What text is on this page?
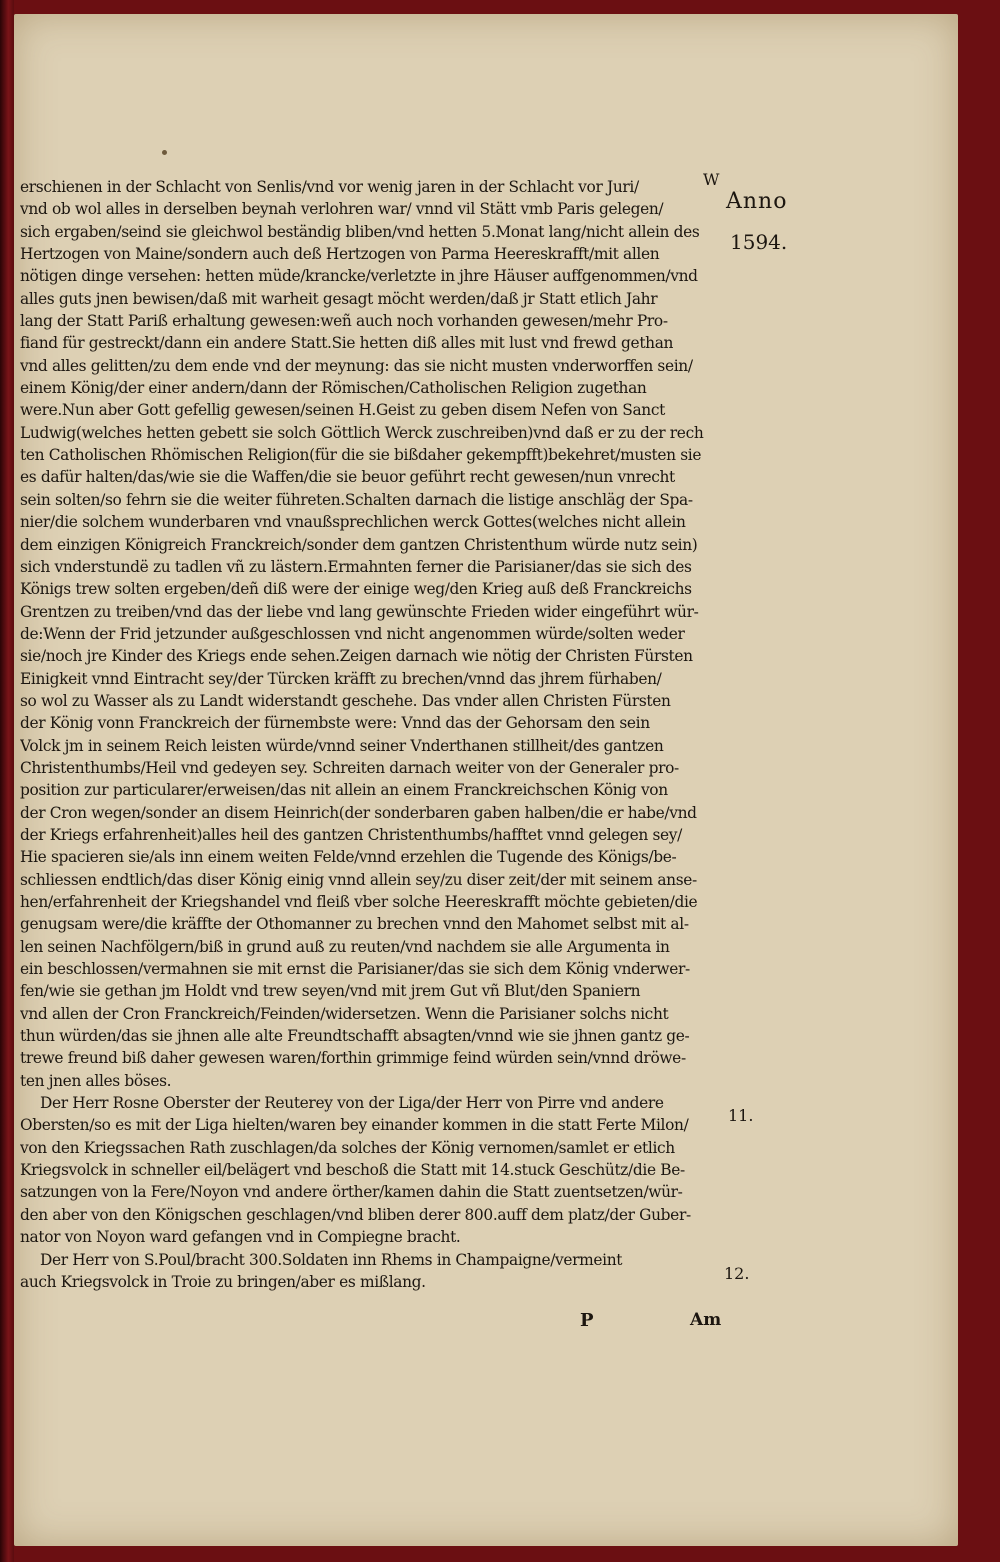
W
Anno
1594.
11.
12.
erschienen in der Schlacht von Senlis/vnd vor wenig jaren in der Schlacht vor Juri/
vnd ob wol alles in derselben beynah verlohren war/ vnnd vil Stätt vmb Paris gelegen/
sich ergaben/seind sie gleichwol beständig bliben/vnd hetten 5.Monat lang/nicht allein des
Hertzogen von Maine/sondern auch deß Hertzogen von Parma Heereskrafft/mit allen
nötigen dinge versehen: hetten müde/krancke/verletzte in jhre Häuser auffgenommen/vnd
alles guts jnen bewisen/daß mit warheit gesagt möcht werden/daß jr Statt etlich Jahr
lang der Statt Pariß erhaltung gewesen:weñ auch noch vorhanden gewesen/mehr Pro-
fiand für gestreckt/dann ein andere Statt.Sie hetten diß alles mit lust vnd frewd gethan
vnd alles gelitten/zu dem ende vnd der meynung: das sie nicht musten vnderworffen sein/
einem König/der einer andern/dann der Römischen/Catholischen Religion zugethan
were.Nun aber Gott gefellig gewesen/seinen H.Geist zu geben disem Nefen von Sanct
Ludwig(welches hetten gebett sie solch Göttlich Werck zuschreiben)vnd daß er zu der rech
ten Catholischen Rhömischen Religion(für die sie bißdaher gekempfft)bekehret/musten sie
es dafür halten/das/wie sie die Waffen/die sie beuor geführt recht gewesen/nun vnrecht
sein solten/so fehrn sie die weiter führeten.Schalten darnach die listige anschläg der Spa-
nier/die solchem wunderbaren vnd vnaußsprechlichen werck Gottes(welches nicht allein
dem einzigen Königreich Franckreich/sonder dem gantzen Christenthum würde nutz sein)
sich vnderstundë zu tadlen vñ zu lästern.Ermahnten ferner die Parisianer/das sie sich des
Königs trew solten ergeben/deñ diß were der einige weg/den Krieg auß deß Franckreichs
Grentzen zu treiben/vnd das der liebe vnd lang gewünschte Frieden wider eingeführt wür-
de:Wenn der Frid jetzunder außgeschlossen vnd nicht angenommen würde/solten weder
sie/noch jre Kinder des Kriegs ende sehen.Zeigen darnach wie nötig der Christen Fürsten
Einigkeit vnnd Eintracht sey/der Türcken kräfft zu brechen/vnnd das jhrem fürhaben/
so wol zu Wasser als zu Landt widerstandt geschehe. Das vnder allen Christen Fürsten
der König vonn Franckreich der fürnembste were: Vnnd das der Gehorsam den sein
Volck jm in seinem Reich leisten würde/vnnd seiner Vnderthanen stillheit/des gantzen
Christenthumbs/Heil vnd gedeyen sey. Schreiten darnach weiter von der Generaler pro-
position zur particularer/erweisen/das nit allein an einem Franckreichschen König von
der Cron wegen/sonder an disem Heinrich(der sonderbaren gaben halben/die er habe/vnd
der Kriegs erfahrenheit)alles heil des gantzen Christenthumbs/hafftet vnnd gelegen sey/
Hie spacieren sie/als inn einem weiten Felde/vnnd erzehlen die Tugende des Königs/be-
schliessen endtlich/das diser König einig vnnd allein sey/zu diser zeit/der mit seinem anse-
hen/erfahrenheit der Kriegshandel vnd fleiß vber solche Heereskrafft möchte gebieten/die
genugsam were/die kräffte der Othomanner zu brechen vnnd den Mahomet selbst mit al-
len seinen Nachfölgern/biß in grund auß zu reuten/vnd nachdem sie alle Argumenta in
ein beschlossen/vermahnen sie mit ernst die Parisianer/das sie sich dem König vnderwer-
fen/wie sie gethan jm Holdt vnd trew seyen/vnd mit jrem Gut vñ Blut/den Spaniern
vnd allen der Cron Franckreich/Feinden/widersetzen. Wenn die Parisianer solchs nicht
thun würden/das sie jhnen alle alte Freundtschafft absagten/vnnd wie sie jhnen gantz ge-
trewe freund biß daher gewesen waren/forthin grimmige feind würden sein/vnnd dröwe-
ten jnen alles böses.
Der Herr Rosne Oberster der Reuterey von der Liga/der Herr von Pirre vnd andere
Obersten/so es mit der Liga hielten/waren bey einander kommen in die statt Ferte Milon/
von den Kriegssachen Rath zuschlagen/da solches der König vernomen/samlet er etlich
Kriegsvolck in schneller eil/belägert vnd beschoß die Statt mit 14.stuck Geschütz/die Be-
satzungen von la Fere/Noyon vnd andere örther/kamen dahin die Statt zuentsetzen/wür-
den aber von den Königschen geschlagen/vnd bliben derer 800.auff dem platz/der Guber-
nator von Noyon ward gefangen vnd in Compiegne bracht.
Der Herr von S.Poul/bracht 300.Soldaten inn Rhems in Champaigne/vermeint
auch Kriegsvolck in Troie zu bringen/aber es mißlang.
P	Am
